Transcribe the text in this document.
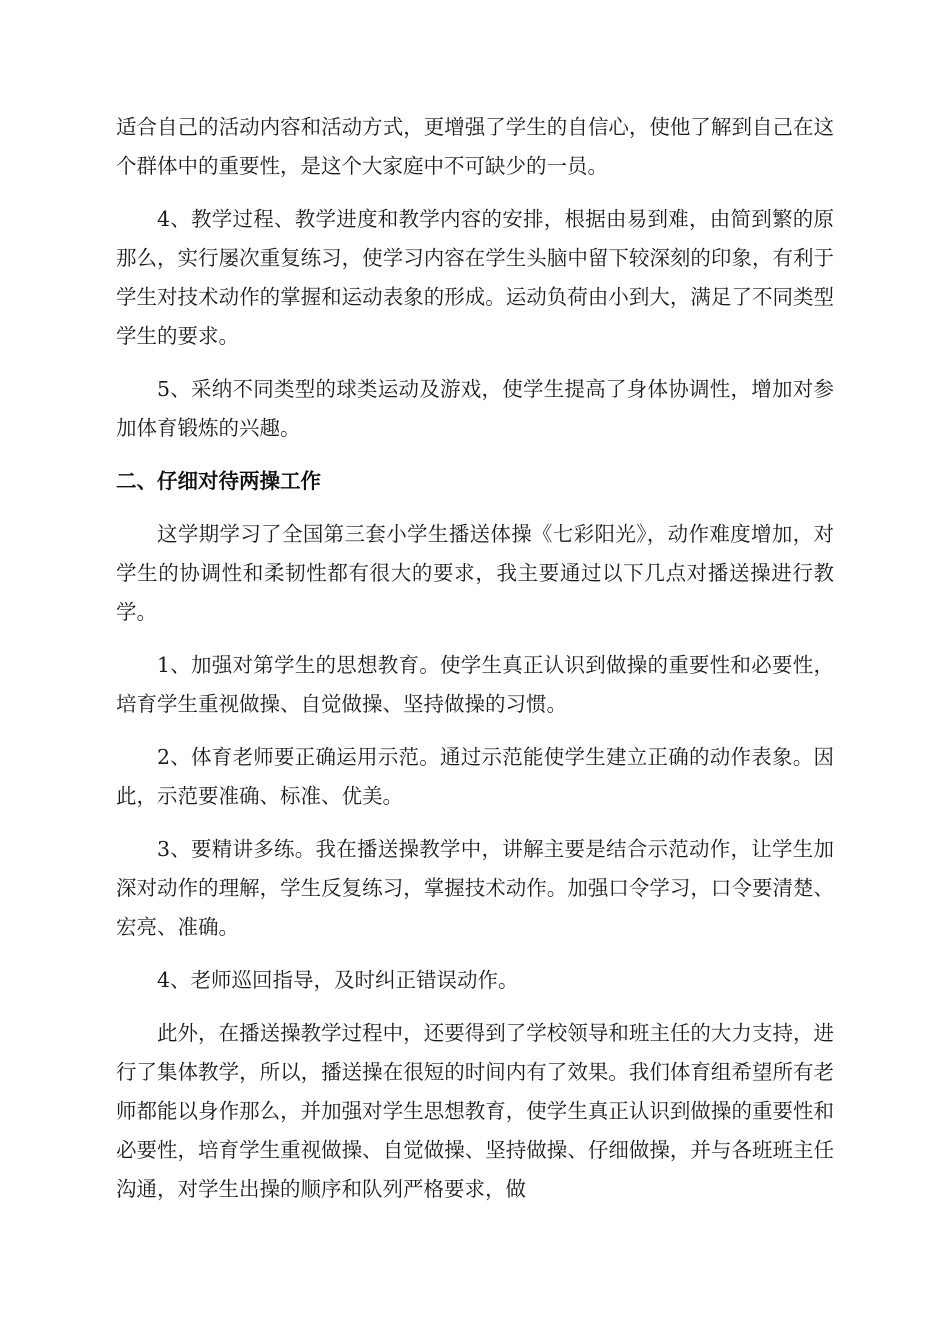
适合自己的活动内容和活动方式，更增强了学生的自信心，使他了解到自己在这个群体中的重要性，是这个大家庭中不可缺少的一员。

4、教学过程、教学进度和教学内容的安排，根据由易到难，由简到繁的原那么，实行屡次重复练习，使学习内容在学生头脑中留下较深刻的印象，有利于学生对技术动作的掌握和运动表象的形成。运动负荷由小到大，满足了不同类型学生的要求。

5、采纳不同类型的球类运动及游戏，使学生提高了身体协调性，增加对参加体育锻炼的兴趣。

二、仔细对待两操工作

这学期学习了全国第三套小学生播送体操《七彩阳光》，动作难度增加，对学生的协调性和柔韧性都有很大的要求，我主要通过以下几点对播送操进行教学。

1、加强对第学生的思想教育。使学生真正认识到做操的重要性和必要性，培育学生重视做操、自觉做操、坚持做操的习惯。

2、体育老师要正确运用示范。通过示范能使学生建立正确的动作表象。因此，示范要准确、标准、优美。

3、要精讲多练。我在播送操教学中，讲解主要是结合示范动作，让学生加深对动作的理解，学生反复练习，掌握技术动作。加强口令学习，口令要清楚、宏亮、准确。

4、老师巡回指导，及时纠正错误动作。

此外，在播送操教学过程中，还要得到了学校领导和班主任的大力支持，进行了集体教学，所以，播送操在很短的时间内有了效果。我们体育组希望所有老师都能以身作那么，并加强对学生思想教育，使学生真正认识到做操的重要性和必要性，培育学生重视做操、自觉做操、坚持做操、仔细做操，并与各班班主任沟通，对学生出操的顺序和队列严格要求，做
